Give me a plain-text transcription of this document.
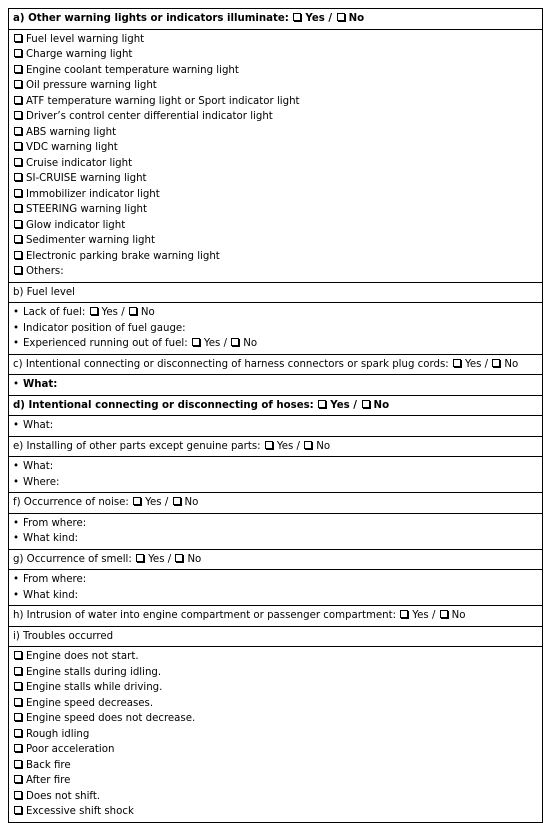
a) Other warning lights or indicators illuminate: Yes / No

Fuel level warning light
Charge warning light
Engine coolant temperature warning light
Oil pressure warning light
ATF temperature warning light or Sport indicator light
Driver’s control center differential indicator light
ABS warning light
VDC warning light
Cruise indicator light
SI-CRUISE warning light
Immobilizer indicator light
STEERING warning light
Glow indicator light
Sedimenter warning light
Electronic parking brake warning light
Others:

b) Fuel level

• Lack of fuel: Yes / No
• Indicator position of fuel gauge:
• Experienced running out of fuel: Yes / No

c) Intentional connecting or disconnecting of harness connectors or spark plug cords: Yes / No

• What:

d) Intentional connecting or disconnecting of hoses: Yes / No

• What:

e) Installing of other parts except genuine parts: Yes / No

• What:
• Where:

f) Occurrence of noise: Yes / No

• From where:
• What kind:

g) Occurrence of smell: Yes / No

• From where:
• What kind:

h) Intrusion of water into engine compartment or passenger compartment: Yes / No

i) Troubles occurred

Engine does not start.
Engine stalls during idling.
Engine stalls while driving.
Engine speed decreases.
Engine speed does not decrease.
Rough idling
Poor acceleration
Back fire
After fire
Does not shift.
Excessive shift shock
